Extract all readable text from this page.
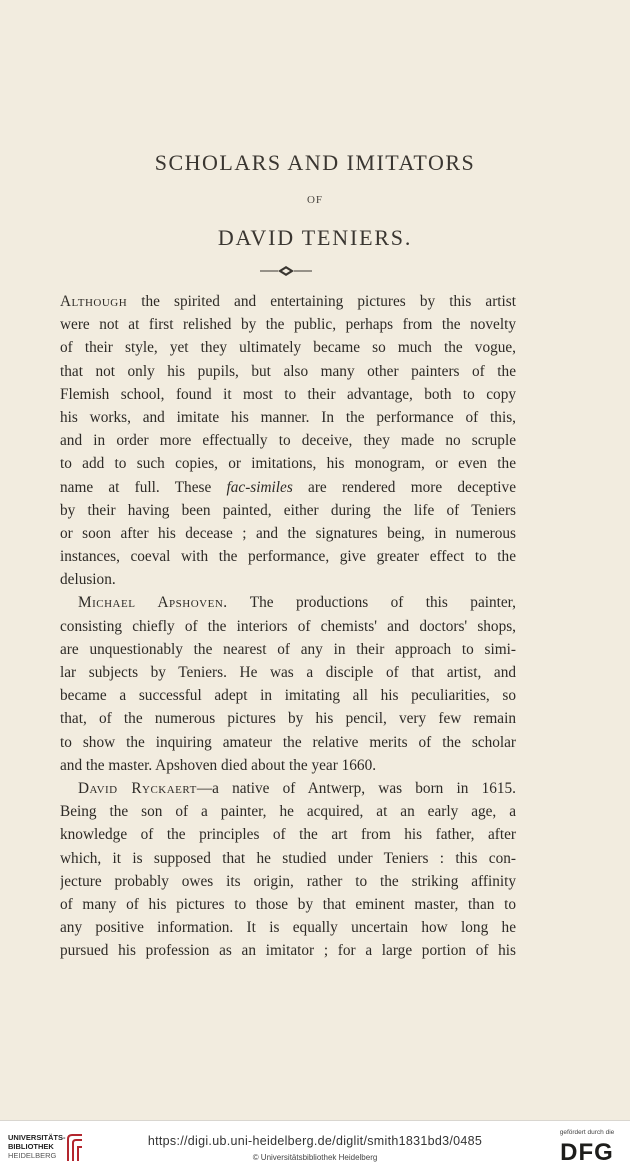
SCHOLARS AND IMITATORS
OF
DAVID TENIERS.
Although the spirited and entertaining pictures by this artist
were not at first relished by the public, perhaps from the novelty
of their style, yet they ultimately became so much the vogue,
that not only his pupils, but also many other painters of the
Flemish school, found it most to their advantage, both to copy
his works, and imitate his manner. In the performance of this,
and in order more effectually to deceive, they made no scruple
to add to such copies, or imitations, his monogram, or even the
name at full. These fac-similes are rendered more deceptive
by their having been painted, either during the life of Teniers
or soon after his decease ; and the signatures being, in numerous
instances, coeval with the performance, give greater effect to the
delusion.
Michael Apshoven. The productions of this painter,
consisting chiefly of the interiors of chemists' and doctors' shops,
are unquestionably the nearest of any in their approach to simi-
lar subjects by Teniers. He was a disciple of that artist, and
became a successful adept in imitating all his peculiarities, so
that, of the numerous pictures by his pencil, very few remain
to show the inquiring amateur the relative merits of the scholar
and the master. Apshoven died about the year 1660.
David Ryckaert—a native of Antwerp, was born in 1615.
Being the son of a painter, he acquired, at an early age, a
knowledge of the principles of the art from his father, after
which, it is supposed that he studied under Teniers : this con-
jecture probably owes its origin, rather to the striking affinity
of many of his pictures to those by that eminent master, than to
any positive information. It is equally uncertain how long he
pursued his profession as an imitator ; for a large portion of his
UNIVERSITÄTS-
BIBLIOTHEK
HEIDELBERG
https://digi.ub.uni-heidelberg.de/diglit/smith1831bd3/0485
© Universitätsbibliothek Heidelberg
gefördert durch die
DFG
